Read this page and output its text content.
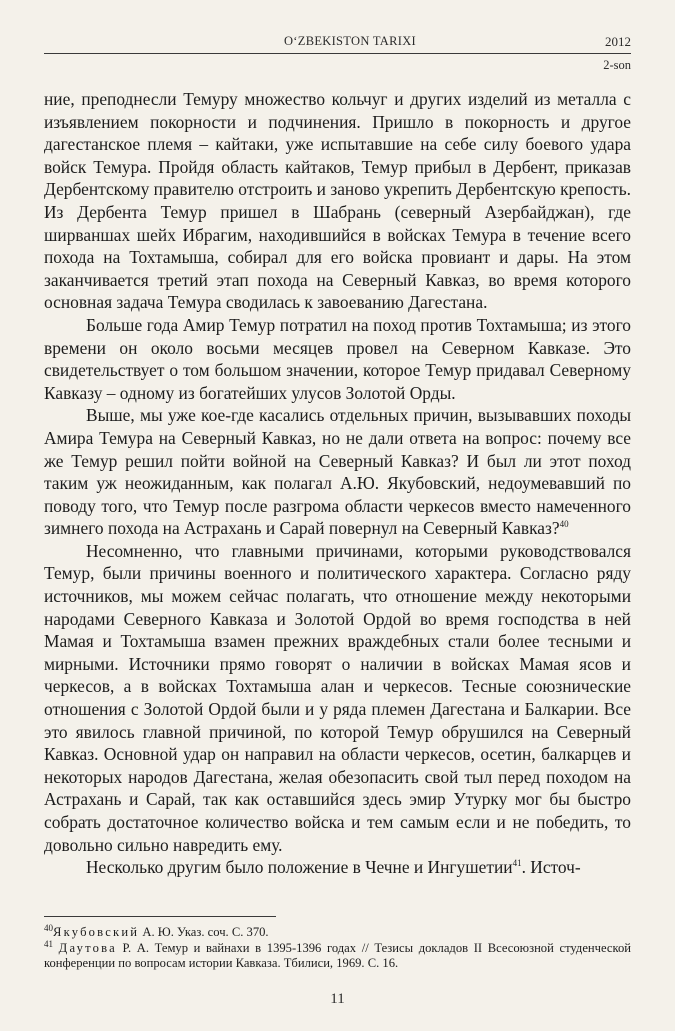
O‘ZBEKISTON TARIXI	2012
2-son

ние, преподнесли Темуру множество кольчуг и других изделий из металла с изъявлением покорности и подчинения. Пришло в покорность и другое дагестанское племя – кайтаки, уже испытавшие на себе силу боевого удара войск Темура. Пройдя область кайтаков, Темур прибыл в Дербент, приказав Дербентскому правителю отстроить и заново укрепить Дербентскую крепость. Из Дербента Темур пришел в Шабрань (северный Азербайджан), где ширваншах шейх Ибрагим, находившийся в войсках Темура в течение всего похода на Тохтамыша, собирал для его войска провиант и дары. На этом заканчивается третий этап похода на Северный Кавказ, во время которого основная задача Темура сводилась к завоеванию Дагестана.

Больше года Амир Темур потратил на поход против Тохтамыша; из этого времени он около восьми месяцев провел на Северном Кавказе. Это свидетельствует о том большом значении, которое Темур придавал Северному Кавказу – одному из богатейших улусов Золотой Орды.

Выше, мы уже кое-где касались отдельных причин, вызывавших походы Амира Темура на Северный Кавказ, но не дали ответа на вопрос: почему все же Темур решил пойти войной на Северный Кавказ? И был ли этот поход таким уж неожиданным, как полагал А.Ю. Якубовский, недоумевавший по поводу того, что Темур после разгрома области черкесов вместо намеченного зимнего похода на Астрахань и Сарай повернул на Северный Кавказ?$^{40}$

Несомненно, что главными причинами, которыми руководствовался Темур, были причины военного и политического характера. Согласно ряду источников, мы можем сейчас полагать, что отношение между некоторыми народами Северного Кавказа и Золотой Ордой во время господства в ней Мамая и Тохтамыша взамен прежних враждебных стали более тесными и мирными. Источники прямо говорят о наличии в войсках Мамая ясов и черкесов, а в войсках Тохтамыша алан и черкесов. Тесные союзнические отношения с Золотой Ордой были и у ряда племен Дагестана и Балкарии. Все это явилось главной причиной, по которой Темур обрушился на Северный Кавказ. Основной удар он направил на области черкесов, осетин, балкарцев и некоторых народов Дагестана, желая обезопасить свой тыл перед походом на Астрахань и Сарай, так как оставшийся здесь эмир Утурку мог бы быстро собрать достаточное количество войска и тем самым если и не победить, то довольно сильно навредить ему.

Несколько другим было положение в Чечне и Ингушетии$^{41}$. Источ-

$^{40}$Якубовский А. Ю. Указ. соч. С. 370.

$^{41}$ Даутова Р. А. Темур и вайнахи в 1395-1396 годах // Тезисы докладов II Всесоюзной студенческой конференции по вопросам истории Кавказа. Тбилиси, 1969. С. 16.

11
